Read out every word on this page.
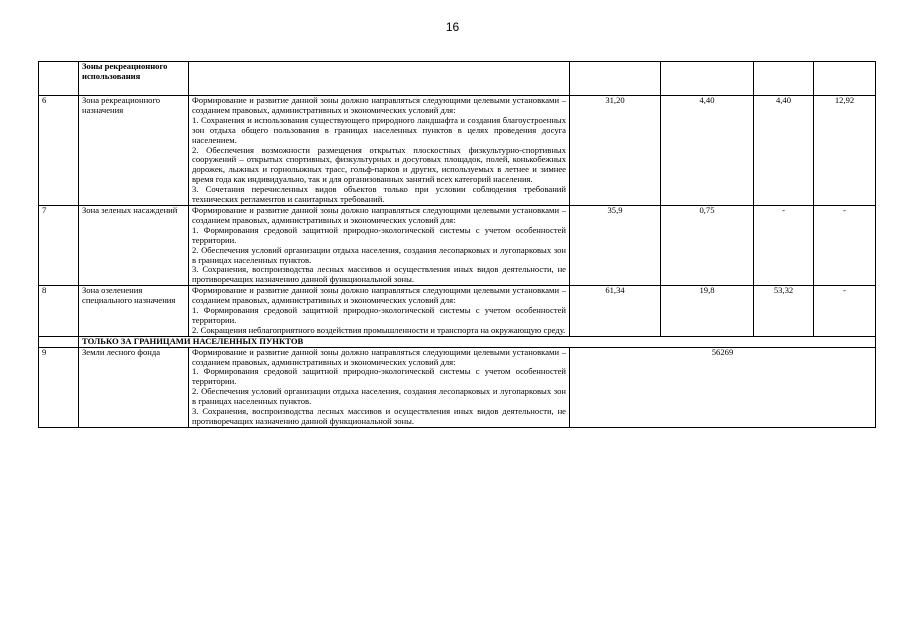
16
	Зоны рекреационного использования					
6	Зона рекреационного назначения	Формирование и развитие данной зоны должно направляться следующими целевыми установками – созданием правовых, административных и экономических условий для:

1. Сохранения и использования существующего природного ландшафта и создания благоустроенных зон отдыха общего пользования в границах населенных пунктов в целях проведения досуга населением.

2. Обеспечения возможности размещения открытых плоскостных физкультурно-спортивных сооружений – открытых спортивных, физкультурных и досуговых площадок, полей, конькобежных дорожек, лыжных и горнолыжных трасс, гольф-парков и других, используемых в летнее и зимнее время года как индивидуально, так и для организованных занятий всех категорий населения.

3. Сочетания перечисленных видов объектов только при условии соблюдения требований технических регламентов и санитарных требований.	31,20	4,40	4,40	12,92
7	Зона зеленых насаждений	Формирование и развитие данной зоны должно направляться следующими целевыми установками – созданием правовых, административных и экономических условий для:

1. Формирования средовой защитной природно-экологической системы с учетом особенностей территории.

2. Обеспечения условий организации отдыха населения, создания лесопарковых и лугопарковых зон в границах населенных пунктов.

3. Сохранения, воспроизводства лесных массивов и осуществления иных видов деятельности, не противоречащих назначению данной функциональной зоны.	35,9	0,75	-	-
8	Зона озеленения специального назначения	Формирование и развитие данной зоны должно направляться следующими целевыми установками – созданием правовых, административных и экономических условий для:

1. Формирования средовой защитной природно-экологической системы с учетом особенностей территории.

2. Сокращения неблагоприятного воздействия промышленности и транспорта на окружающую среду.	61,34	19,8	53,32	-
	ТОЛЬКО ЗА ГРАНИЦАМИ НАСЕЛЕННЫХ ПУНКТОВ					
9	Земли лесного фонда	Формирование и развитие данной зоны должно направляться следующими целевыми установками – созданием правовых, административных и экономических условий для:

1. Формирования средовой защитной природно-экологической системы с учетом особенностей территории.

2. Обеспечения условий организации отдыха населения, создания лесопарковых и лугопарковых зон в границах населенных пунктов.

3. Сохранения, воспроизводства лесных массивов и осуществления иных видов деятельности, не противоречащих назначению данной функциональной зоны.	56269			
